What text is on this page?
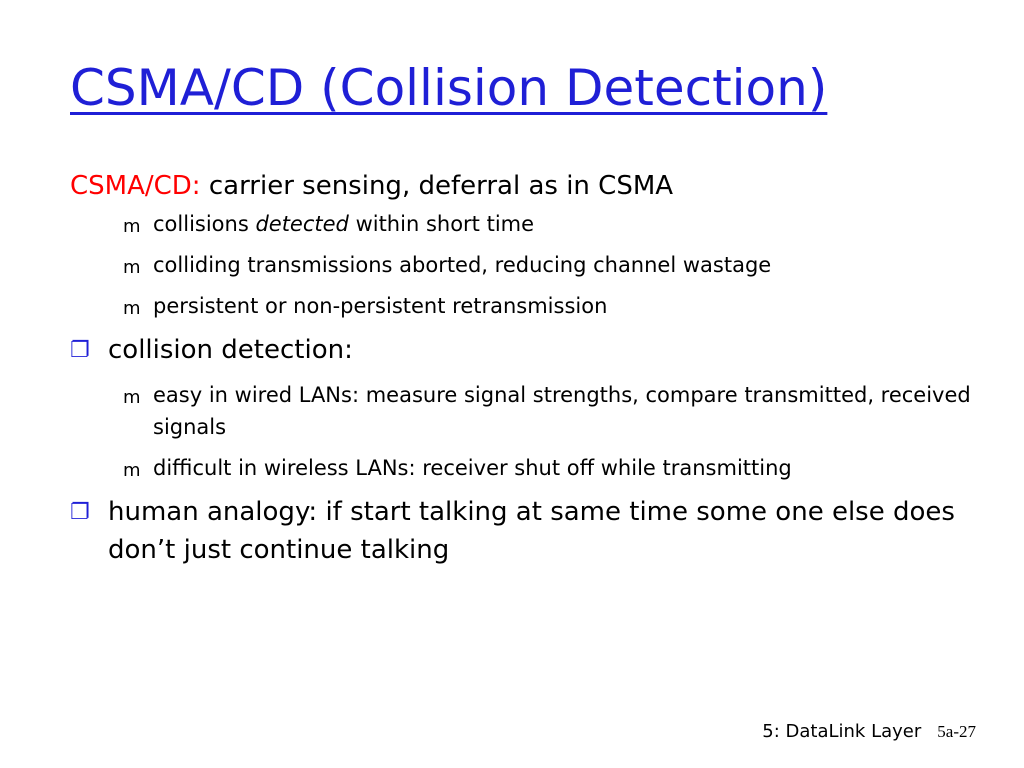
CSMA/CD (Collision Detection)
CSMA/CD: carrier sensing, deferral as in CSMA
m collisions detected within short time
m colliding transmissions aborted, reducing channel wastage
m persistent or non-persistent retransmission
❐ collision detection:
m easy in wired LANs: measure signal strengths, compare transmitted, received signals
m difficult in wireless LANs: receiver shut off while transmitting
❐ human analogy: if start talking at same time some one else does don’t just continue talking
5: DataLink Layer 5a-27
